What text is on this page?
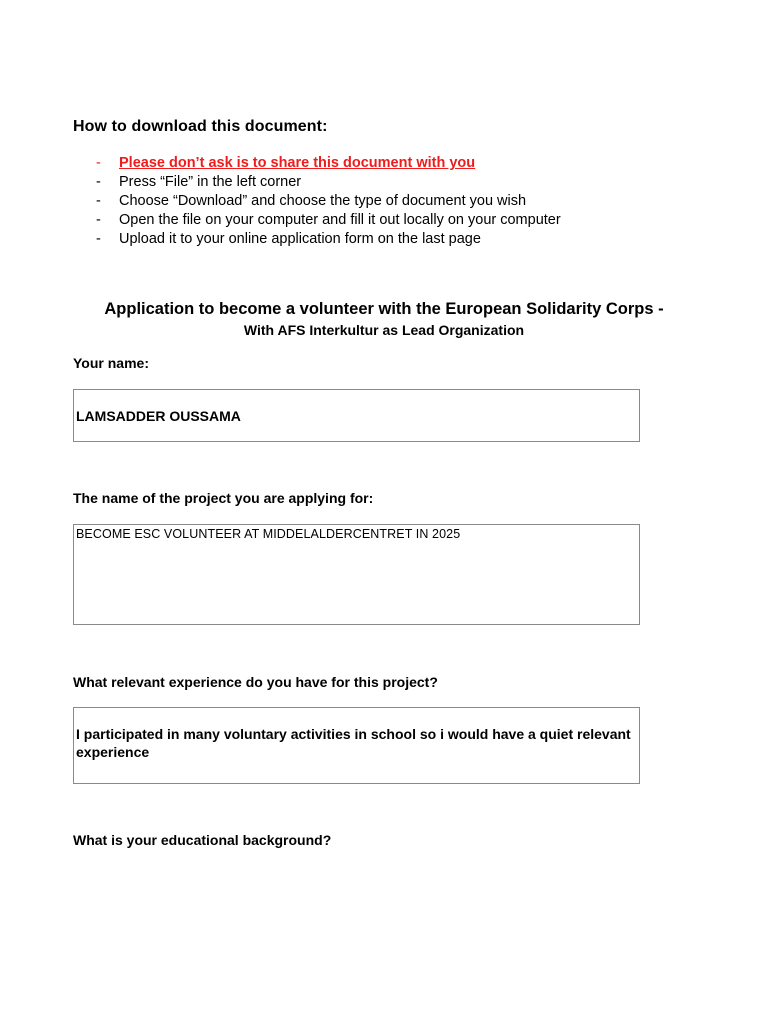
How to download this document:
- Please don’t ask is to share this document with you
- Press “File” in the left corner
- Choose “Download” and choose the type of document you wish
- Open the file on your computer and fill it out locally on your computer
- Upload it to your online application form on the last page
Application to become a volunteer with the European Solidarity Corps -
With AFS Interkultur as Lead Organization
Your name:
LAMSADDER OUSSAMA
The name of the project you are applying for:
BECOME ESC VOLUNTEER AT MIDDELALDERCENTRET IN 2025
What relevant experience do you have for this project?
I participated in many voluntary activities in school so i would have a quiet relevant experience
What is your educational background?
